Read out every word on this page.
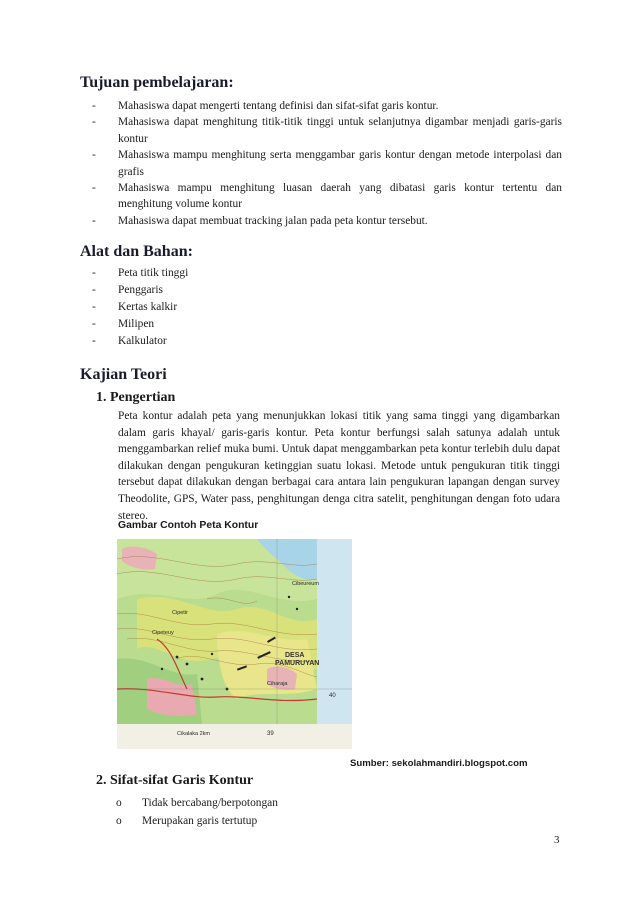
Tujuan pembelajaran:
- Mahasiswa dapat mengerti tentang definisi dan sifat-sifat garis kontur.
- Mahasiswa dapat menghitung titik-titik tinggi untuk selanjutnya digambar menjadi garis-garis kontur
- Mahasiswa mampu menghitung serta menggambar garis kontur dengan metode interpolasi dan grafis
- Mahasiswa mampu menghitung luasan daerah yang dibatasi garis kontur tertentu dan menghitung volume kontur
- Mahasiswa dapat membuat tracking jalan pada peta kontur tersebut.
Alat dan Bahan:
- Peta titik tinggi
- Penggaris
- Kertas kalkir
- Milipen
- Kalkulator
Kajian Teori
1. Pengertian

Peta kontur adalah peta yang menunjukkan lokasi titik yang sama tinggi yang digambarkan dalam garis khayal/ garis-garis kontur. Peta kontur berfungsi salah satunya adalah untuk menggambarkan relief muka bumi. Untuk dapat menggambarkan peta kontur terlebih dulu dapat dilakukan dengan pengukuran ketinggian suatu lokasi. Metode untuk pengukuran titik tinggi tersebut dapat dilakukan dengan berbagai cara antara lain pengukuran lapangan dengan survey Theodolite, GPS, Water pass, penghitungan denga citra satelit, penghitungan dengan foto udara stereo.

Gambar Contoh Peta Kontur

DESA
PAMURUYAN
Cipetir
Cipeteuy
Cibeureum
Ciharaja
Cikalaka 2km
40
39

Sumber: sekolahmandiri.blogspot.com

2. Sifat-sifat Garis Kontur
o Tidak bercabang/berpotongan
o Merupakan garis tertutup

3
